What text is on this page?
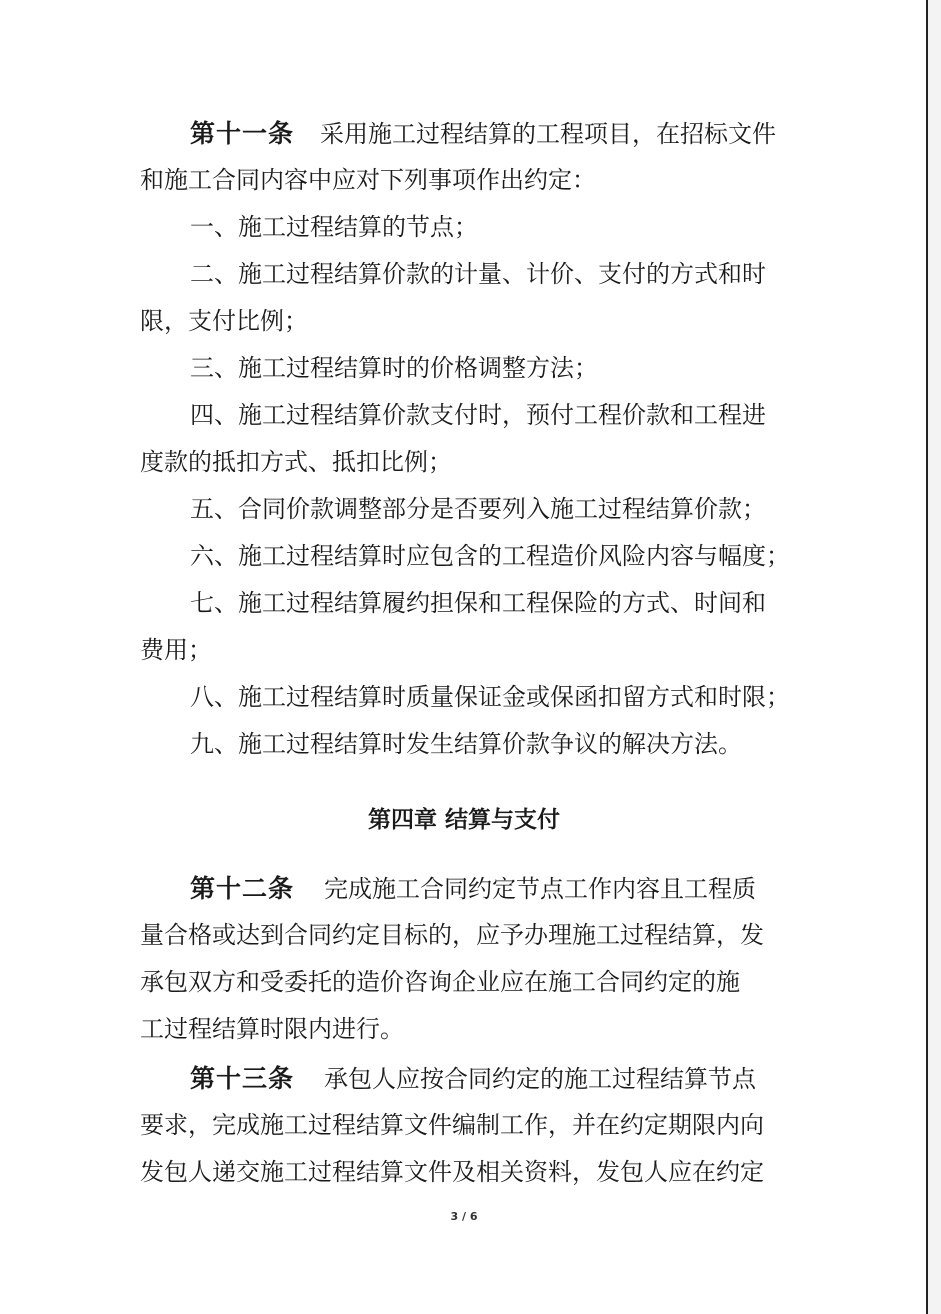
第十一条 采用施工过程结算的工程项目，在招标文件
和施工合同内容中应对下列事项作出约定：
一、施工过程结算的节点；
二、施工过程结算价款的计量、计价、支付的方式和时
限，支付比例；
三、施工过程结算时的价格调整方法；
四、施工过程结算价款支付时，预付工程价款和工程进
度款的抵扣方式、抵扣比例；
五、合同价款调整部分是否要列入施工过程结算价款；
六、施工过程结算时应包含的工程造价风险内容与幅度；
七、施工过程结算履约担保和工程保险的方式、时间和
费用；
八、施工过程结算时质量保证金或保函扣留方式和时限；
九、施工过程结算时发生结算价款争议的解决方法。
第四章 结算与支付
第十二条 完成施工合同约定节点工作内容且工程质
量合格或达到合同约定目标的，应予办理施工过程结算，发
承包双方和受委托的造价咨询企业应在施工合同约定的施
工过程结算时限内进行。
第十三条 承包人应按合同约定的施工过程结算节点
要求，完成施工过程结算文件编制工作，并在约定期限内向
发包人递交施工过程结算文件及相关资料，发包人应在约定
3 / 6
